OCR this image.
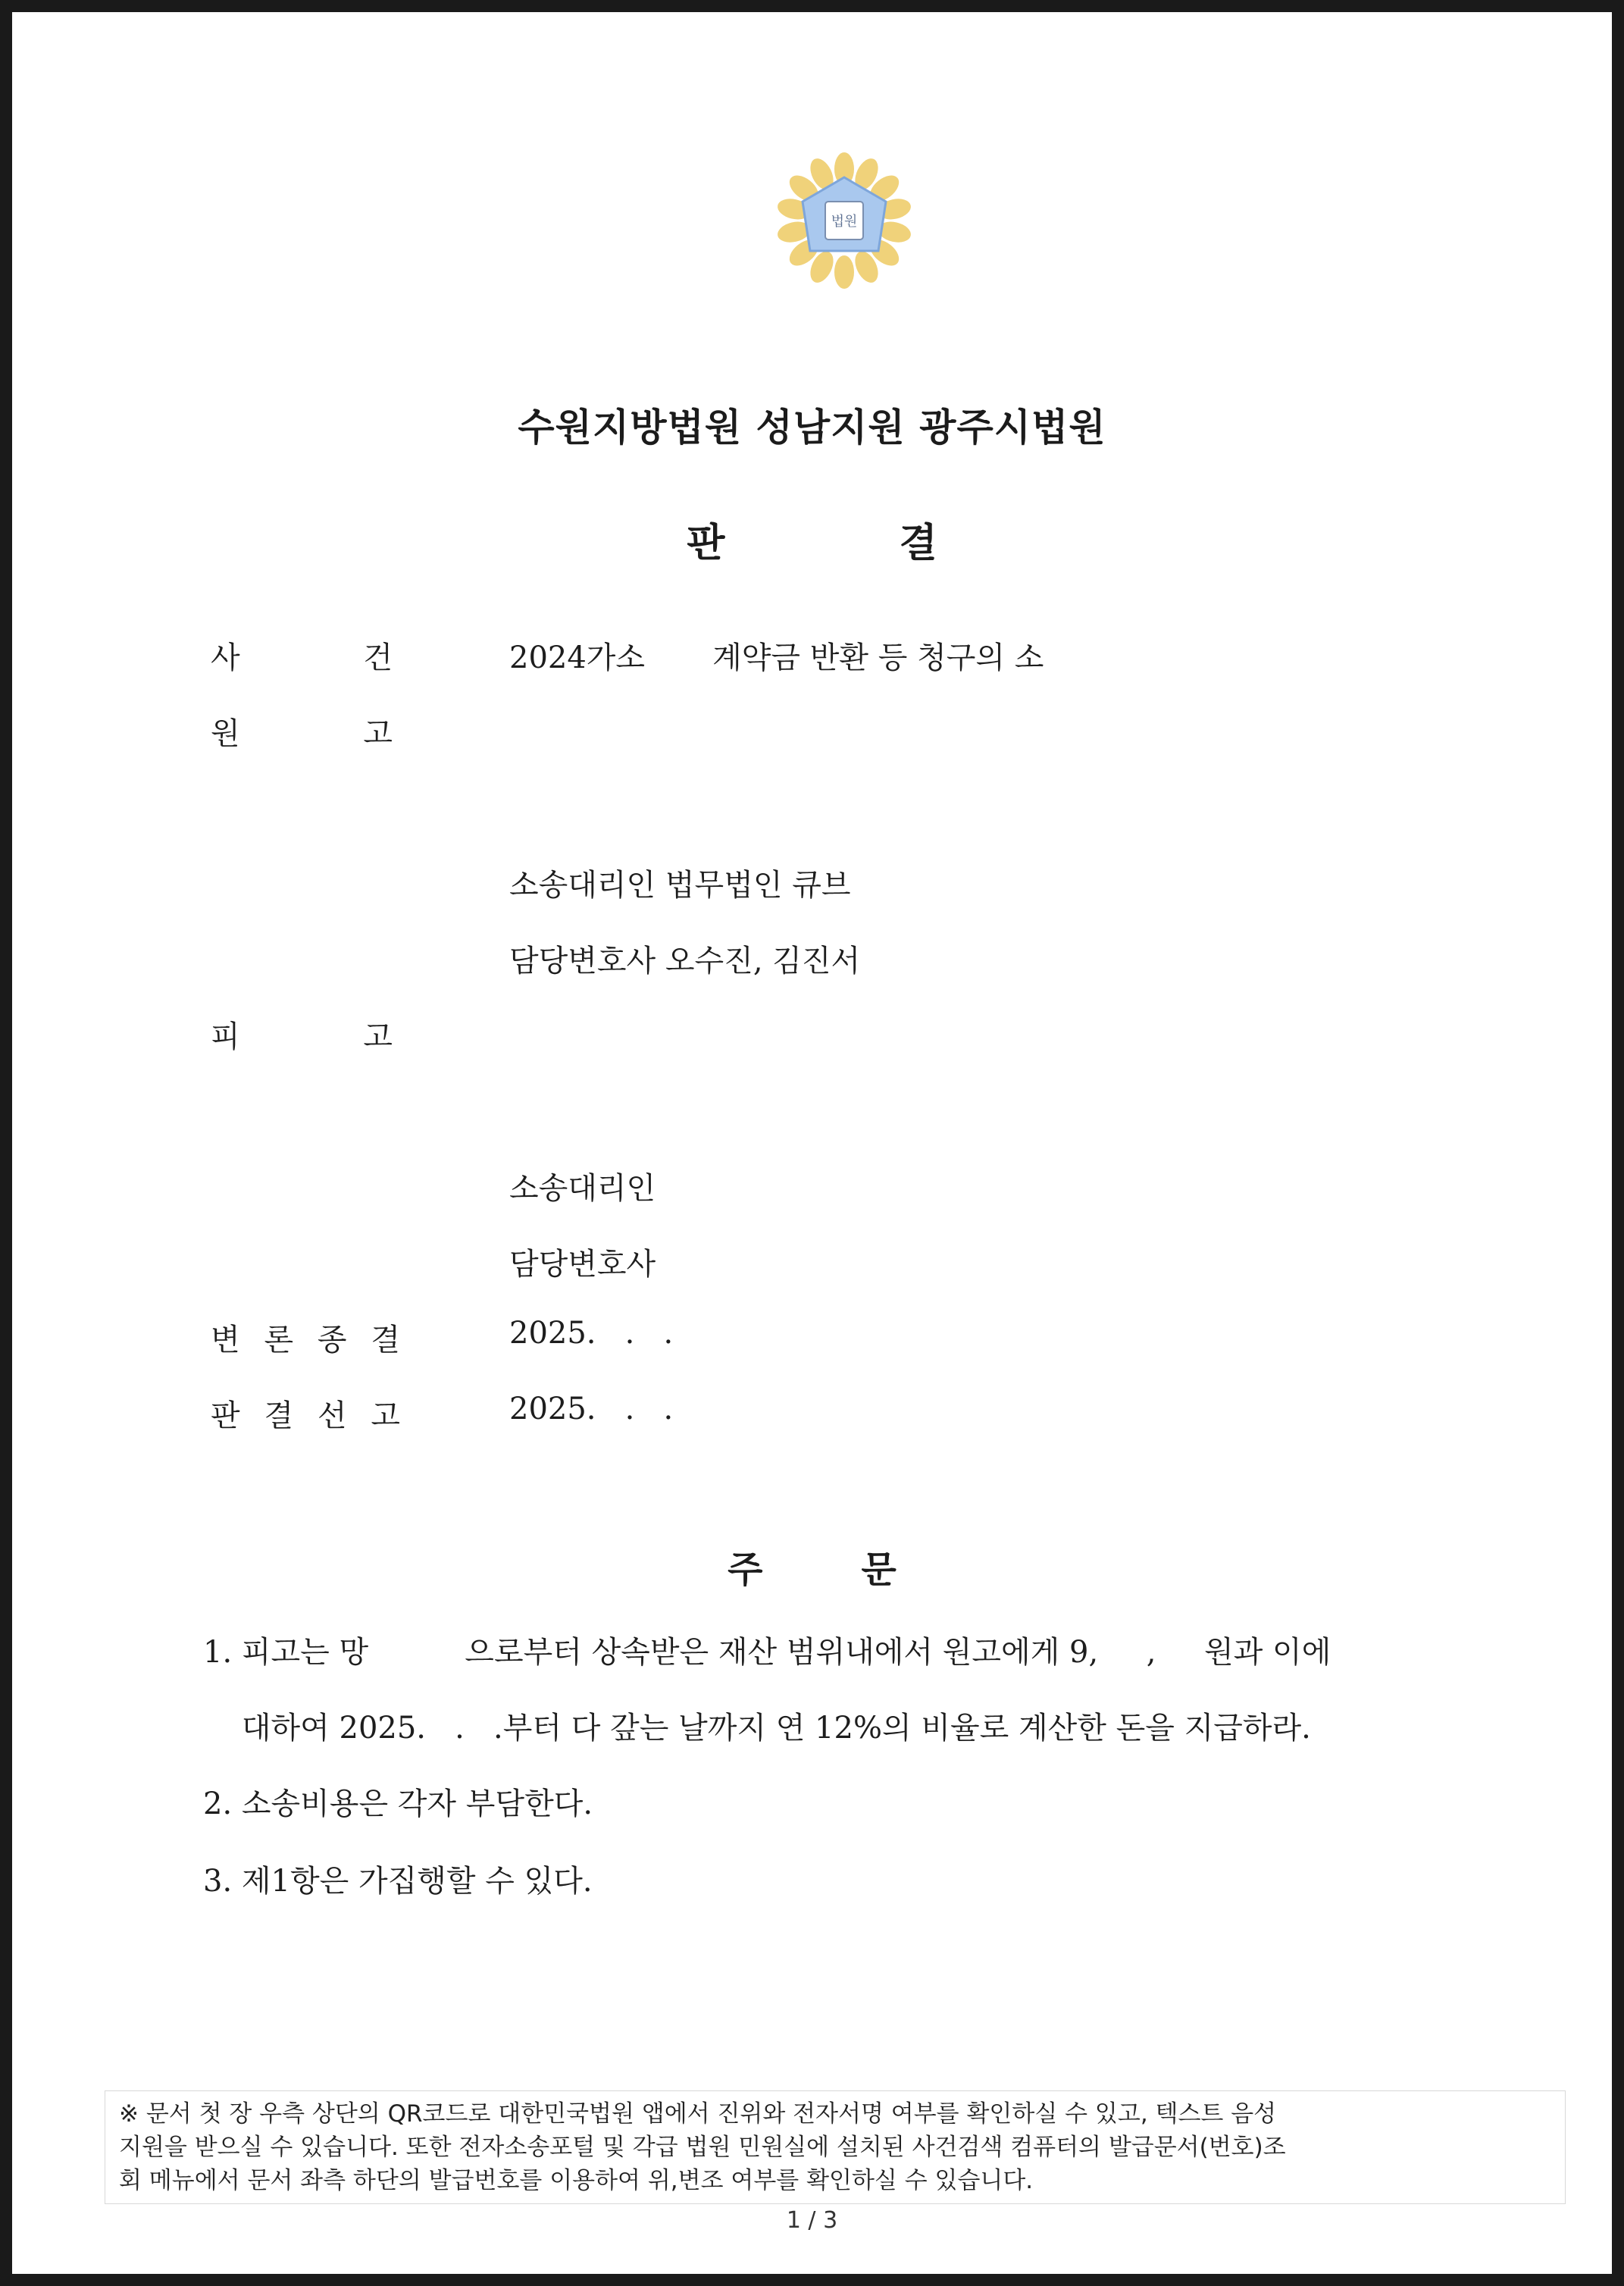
법원
수원지방법원 성남지원 광주시법원
판	결
사	건	2024가소       계약금 반환 등 청구의 소
원	고
소송대리인 법무법인 큐브
담당변호사 오수진, 김진서
피	고
소송대리인
담당변호사
변 론 종 결	2025.   .   .
판 결 선 고	2025.   .   .
주	문
1. 피고는 망          으로부터 상속받은 재산 범위내에서 원고에게 9,     ,     원과 이에
대하여 2025.   .   .부터 다 갚는 날까지 연 12%의 비율로 계산한 돈을 지급하라.
2. 소송비용은 각자 부담한다.
3. 제1항은 가집행할 수 있다.
※ 문서 첫 장 우측 상단의 QR코드로 대한민국법원 앱에서 진위와 전자서명 여부를 확인하실 수 있고, 텍스트 음성
지원을 받으실 수 있습니다. 또한 전자소송포털 및 각급 법원 민원실에 설치된 사건검색 컴퓨터의 발급문서(번호)조
회 메뉴에서 문서 좌측 하단의 발급번호를 이용하여 위,변조 여부를 확인하실 수 있습니다.
1 / 3
